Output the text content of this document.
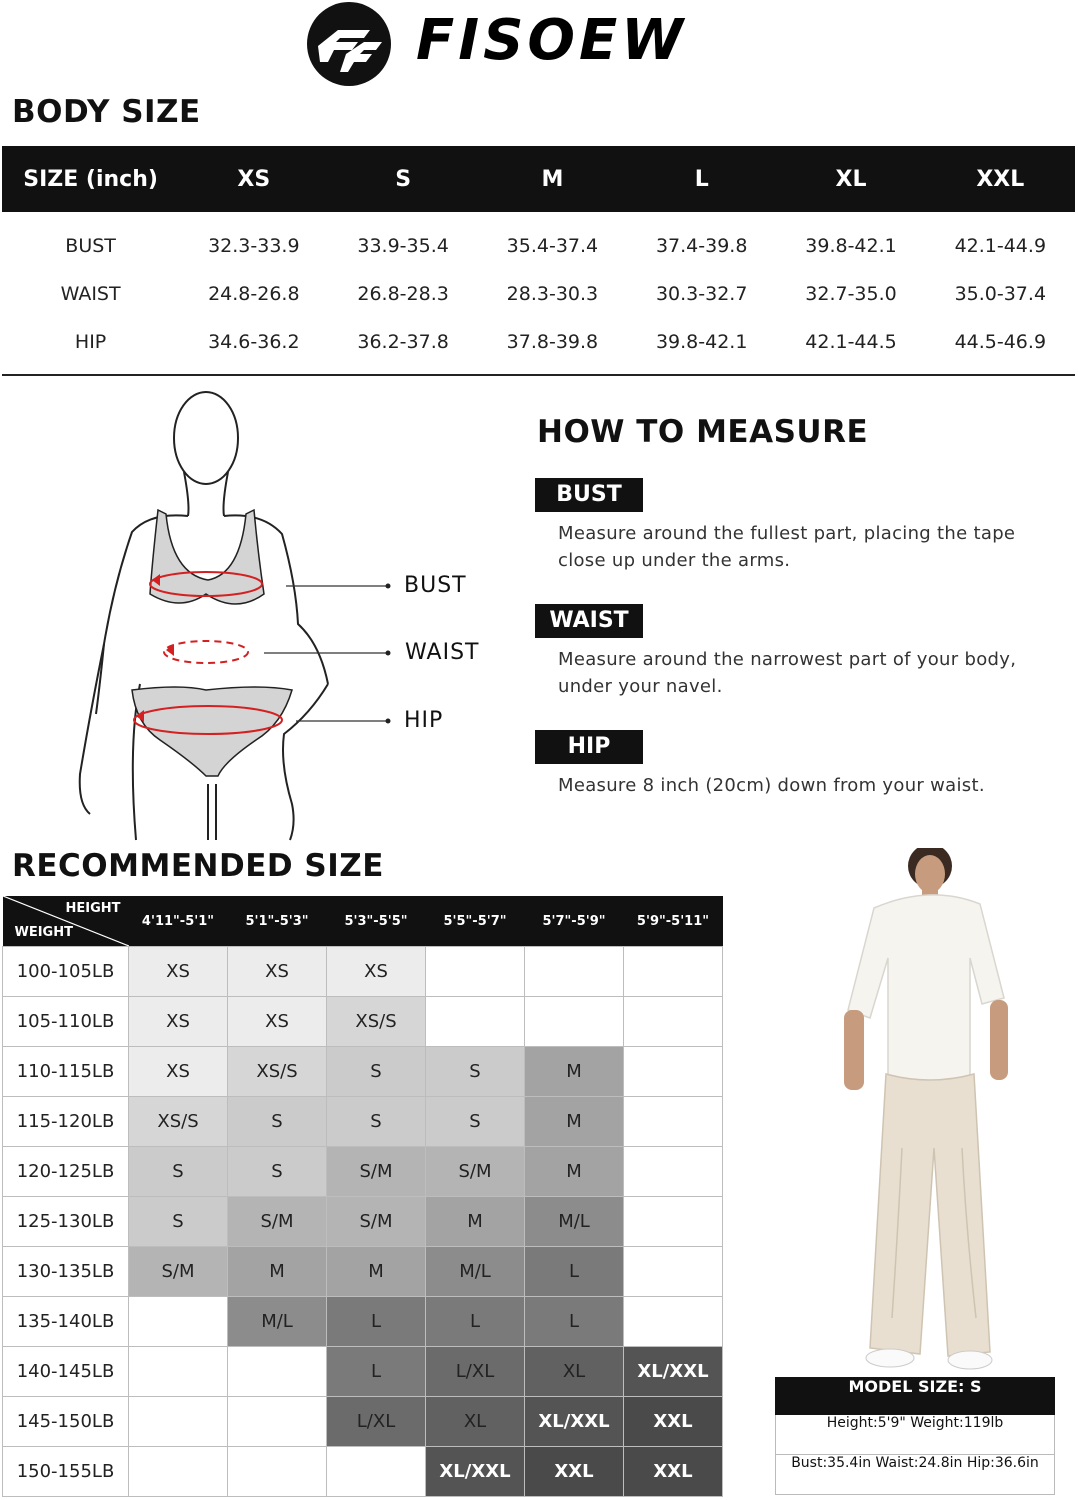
FISOEW
BODY SIZE
SIZE (inch)	XS	S	M	L	XL	XXL
BUST	32.3-33.9	33.9-35.4	35.4-37.4	37.4-39.8	39.8-42.1	42.1-44.9
WAIST	24.8-26.8	26.8-28.3	28.3-30.3	30.3-32.7	32.7-35.0	35.0-37.4
HIP	34.6-36.2	36.2-37.8	37.8-39.8	39.8-42.1	42.1-44.5	44.5-46.9
BUST
WAIST
HIP
HOW TO MEASURE
BUST
Measure around the fullest part, placing the tape
close up under the arms.
WAIST
Measure around the narrowest part of your body,
under your navel.
HIP
Measure 8 inch (20cm) down from your waist.
RECOMMENDED SIZE
HEIGHT
WEIGHT	4'11"-5'1"	5'1"-5'3"	5'3"-5'5"	5'5"-5'7"	5'7"-5'9"	5'9"-5'11"
100-105LB	XS	XS	XS			
105-110LB	XS	XS	XS/S			
110-115LB	XS	XS/S	S	S	M	
115-120LB	XS/S	S	S	S	M	
120-125LB	S	S	S/M	S/M	M	
125-130LB	S	S/M	S/M	M	M/L	
130-135LB	S/M	M	M	M/L	L	
135-140LB		M/L	L	L	L	
140-145LB			L	L/XL	XL	XL/XXL
145-150LB			L/XL	XL	XL/XXL	XXL
150-155LB				XL/XXL	XXL	XXL
MODEL SIZE: S
Height:5'9" Weight:119lb
Bust:35.4in Waist:24.8in Hip:36.6in
